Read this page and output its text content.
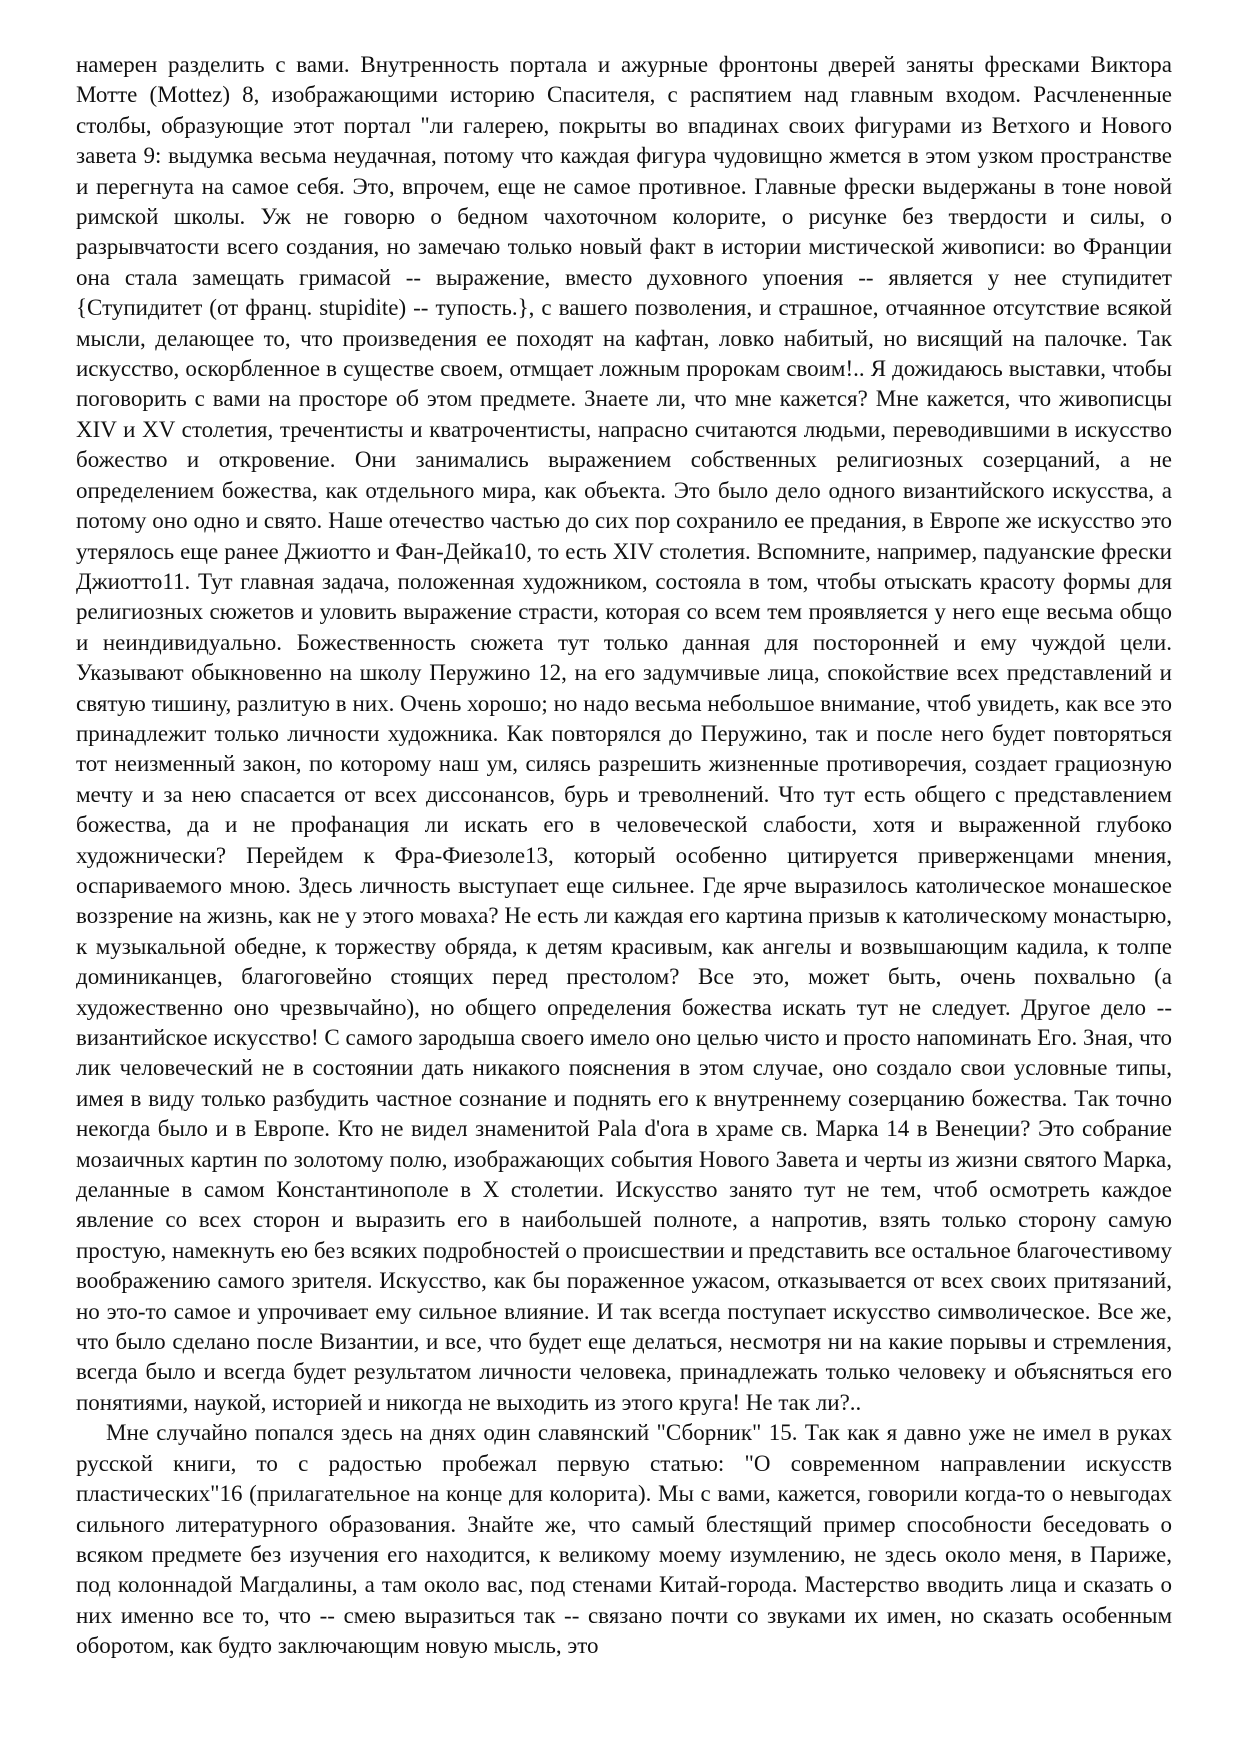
намерен разделить с вами. Внутренность портала и ажурные фронтоны дверей заняты фресками Виктора Мотте (Mottez) 8, изображающими историю Спасителя, с распятием над главным входом. Расчлененные столбы, образующие этот портал "ли галерею, покрыты во впадинах своих фигурами из Ветхого и Нового завета 9: выдумка весьма неудачная, потому что каждая фигура чудовищно жмется в этом узком пространстве и перегнута на самое себя. Это, впрочем, еще не самое противное. Главные фрески выдержаны в тоне новой римской школы. Уж не говорю о бедном чахоточном колорите, о рисунке без твердости и силы, о разрывчатости всего создания, но замечаю только новый факт в истории мистической живописи: во Франции она стала замещать гримасой -- выражение, вместо духовного упоения -- является у нее ступидитет {Ступидитет (от франц. stupidite) -- тупость.}, с вашего позволения, и страшное, отчаянное отсутствие всякой мысли, делающее то, что произведения ее походят на кафтан, ловко набитый, но висящий на палочке. Так искусство, оскорбленное в существе своем, отмщает ложным пророкам своим!.. Я дожидаюсь выставки, чтобы поговорить с вами на просторе об этом предмете. Знаете ли, что мне кажется? Мне кажется, что живописцы XIV и XV столетия, тречентисты и кватрочентисты, напрасно считаются людьми, переводившими в искусство божество и откровение. Они занимались выражением собственных религиозных созерцаний, а не определением божества, как отдельного мира, как объекта. Это было дело одного византийского искусства, а потому оно одно и свято. Наше отечество частью до сих пор сохранило ее предания, в Европе же искусство это утерялось еще ранее Джиотто и Фан-Дейка10, то есть XIV столетия. Вспомните, например, падуанские фрески Джиотто11. Тут главная задача, положенная художником, состояла в том, чтобы отыскать красоту формы для религиозных сюжетов и уловить выражение страсти, которая со всем тем проявляется у него еще весьма общо и неиндивидуально. Божественность сюжета тут только данная для посторонней и ему чуждой цели. Указывают обыкновенно на школу Перужино 12, на его задумчивые лица, спокойствие всех представлений и святую тишину, разлитую в них. Очень хорошо; но надо весьма небольшое внимание, чтоб увидеть, как все это принадлежит только личности художника. Как повторялся до Перужино, так и после него будет повторяться тот неизменный закон, по которому наш ум, силясь разрешить жизненные противоречия, создает грациозную мечту и за нею спасается от всех диссонансов, бурь и треволнений. Что тут есть общего с представлением божества, да и не профанация ли искать его в человеческой слабости, хотя и выраженной глубоко художнически? Перейдем к Фра-Фиезоле13, который особенно цитируется приверженцами мнения, оспариваемого мною. Здесь личность выступает еще сильнее. Где ярче выразилось католическое монашеское воззрение на жизнь, как не у этого мовaха? Не есть ли каждая его картина призыв к католическому монастырю, к музыкальной обедне, к торжеству обряда, к детям красивым, как ангелы и возвышающим кадила, к толпе доминиканцев, благоговейно стоящих перед престолом? Все это, может быть, очень похвально (а художественно оно чрезвычайно), но общего определения божества искать тут не следует. Другое дело -- византийское искусство! С самого зародыша своего имело оно целью чисто и просто напоминать Его. Зная, что лик человеческий не в состоянии дать никакого пояснения в этом случае, оно создало свои условные типы, имея в виду только разбудить частное сознание и поднять его к внутреннему созерцанию божества. Так точно некогда было и в Европе. Кто не видел знаменитой Pala d'ora в храме св. Марка 14 в Венеции? Это собрание мозаичных картин по золотому полю, изображающих события Нового Завета и черты из жизни святого Марка, деланные в самом Константинополе в X столетии. Искусство занято тут не тем, чтоб осмотреть каждое явление со всех сторон и выразить его в наибольшей полноте, а напротив, взять только сторону самую простую, намекнуть ею без всяких подробностей о происшествии и представить все остальное благочестивому воображению самого зрителя. Искусство, как бы пораженное ужасом, отказывается от всех своих притязаний, но это-то самое и упрочивает ему сильное влияние. И так всегда поступает искусство символическое. Все же, что было сделано после Византии, и все, что будет еще делаться, несмотря ни на какие порывы и стремления, всегда было и всегда будет результатом личности человека, принадлежать только человеку и объясняться его понятиями, наукой, историей и никогда не выходить из этого круга! Не так ли?..

Мне случайно попался здесь на днях один славянский "Сборник" 15. Так как я давно уже не имел в руках русской книги, то с радостью пробежал первую статью: "О современном направлении искусств пластических"16 (прилагательное на конце для колорита). Мы с вами, кажется, говорили когда-то о невыгодах сильного литературного образования. Знайте же, что самый блестящий пример способности беседовать о всяком предмете без изучения его находится, к великому моему изумлению, не здесь около меня, в Париже, под колоннадой Магдалины, а там около вас, под стенами Китай-города. Мастерство вводить лица и сказать о них именно все то, что -- смею выразиться так -- связано почти со звуками их имен, но сказать особенным оборотом, как будто заключающим новую мысль, это
